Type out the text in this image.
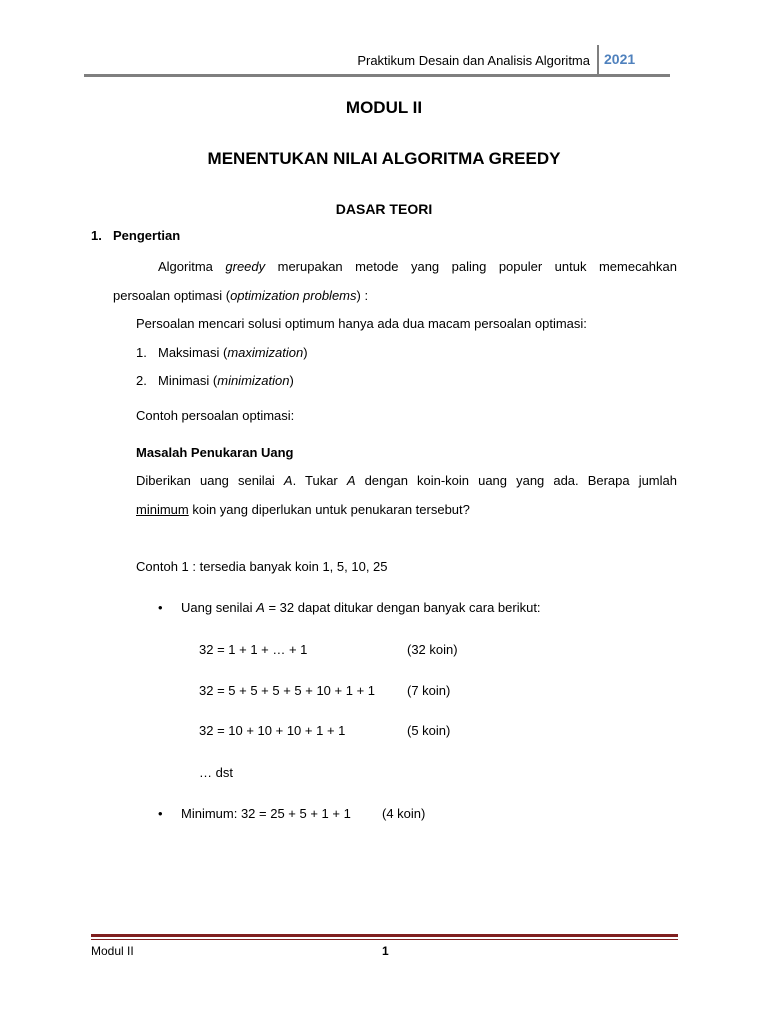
Praktikum Desain dan Analisis Algoritma 2021
MODUL II
MENENTUKAN NILAI ALGORITMA GREEDY
DASAR TEORI
1. Pengertian
Algoritma greedy merupakan metode yang paling populer untuk memecahkan
persoalan optimasi (optimization problems) :
Persoalan mencari solusi optimum hanya ada dua macam persoalan optimasi:
1. Maksimasi (maximization)
2. Minimasi (minimization)
Contoh persoalan optimasi:
Masalah Penukaran Uang
Diberikan uang senilai A. Tukar A dengan koin-koin uang yang ada. Berapa jumlah
minimum koin yang diperlukan untuk penukaran tersebut?
Contoh 1 : tersedia banyak koin 1, 5, 10, 25
• Uang senilai A = 32 dapat ditukar dengan banyak cara berikut:
32 = 1 + 1 + … + 1	(32 koin)
32 = 5 + 5 + 5 + 5 + 10 + 1 + 1 (7 koin)
32 = 10 + 10 + 10 + 1 + 1	(5 koin)
… dst
• Minimum: 32 = 25 + 5 + 1 + 1 (4 koin)
Modul II	1
